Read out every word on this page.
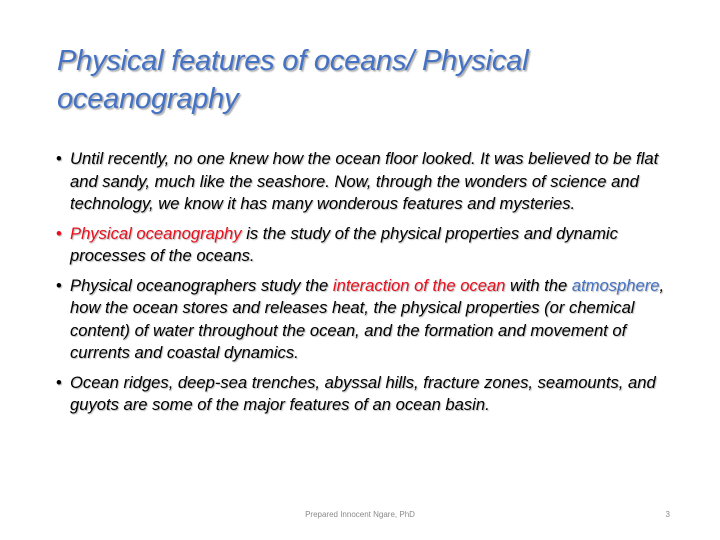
Physical features of oceans/ Physical oceanography
• Until recently, no one knew how the ocean floor looked. It was believed to be flat and sandy, much like the seashore. Now, through the wonders of science and technology, we know it has many wonderous features and mysteries.
• Physical oceanography is the study of the physical properties and dynamic processes of the oceans.
• Physical oceanographers study the interaction of the ocean with the atmosphere, how the ocean stores and releases heat, the physical properties (or chemical content) of water throughout the ocean, and the formation and movement of currents and coastal dynamics.
• Ocean ridges, deep-sea trenches, abyssal hills, fracture zones, seamounts, and guyots are some of the major features of an ocean basin.
Prepared Innocent Ngare, PhD	3
